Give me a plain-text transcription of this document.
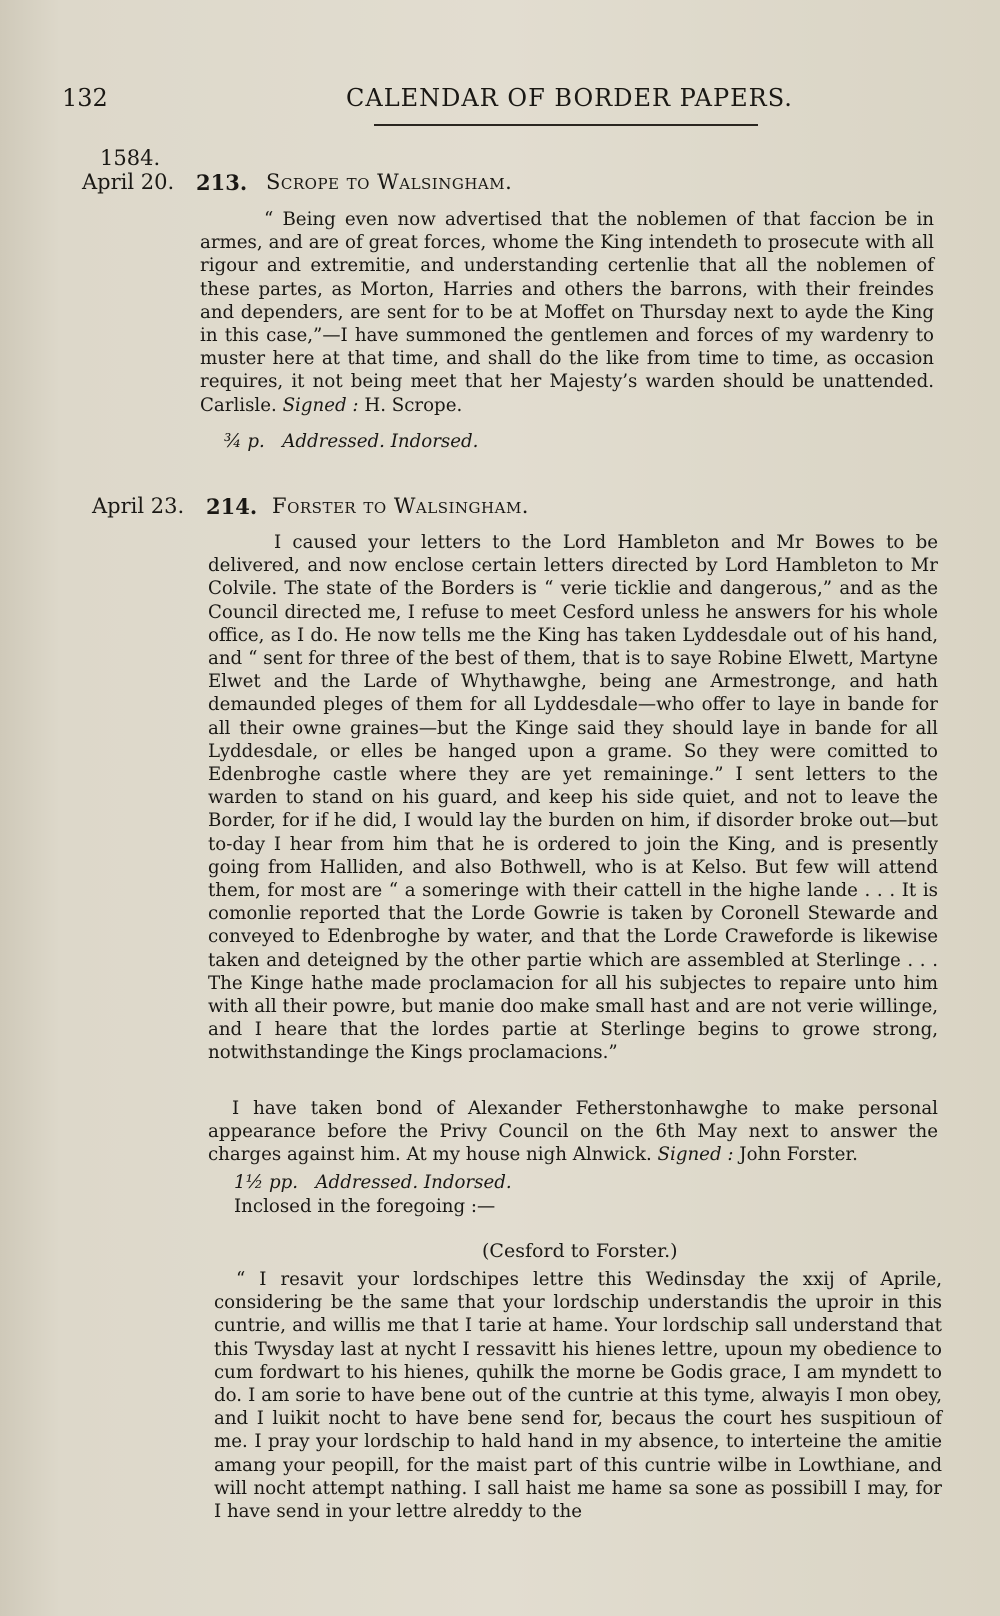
132	CALENDAR OF BORDER PAPERS.
1584.
April 20. 213. Scrope to Walsingham.
“ Being even now advertised that the noblemen of that faccion be in armes, and are of great forces, whome the King intendeth to prosecute with all rigour and extremitie, and understanding certenlie that all the noblemen of these partes, as Morton, Harries and others the barrons, with their freindes and dependers, are sent for to be at Moffet on Thursday next to ayde the King in this case,”—I have summoned the gentlemen and forces of my wardenry to muster here at that time, and shall do the like from time to time, as occasion requires, it not being meet that her Majesty’s warden should be unattended. Carlisle. Signed : H. Scrope.
¾ p. Addressed. Indorsed.
April 23. 214. Forster to Walsingham.
I caused your letters to the Lord Hambleton and Mr Bowes to be delivered, and now enclose certain letters directed by Lord Hambleton to Mr Colvile. The state of the Borders is “ verie ticklie and dangerous,” and as the Council directed me, I refuse to meet Cesford unless he answers for his whole office, as I do. He now tells me the King has taken Lyddesdale out of his hand, and “ sent for three of the best of them, that is to saye Robine Elwett, Martyne Elwet and the Larde of Whythawghe, being ane Armestronge, and hath demaunded pleges of them for all Lyddesdale—who offer to laye in bande for all their owne graines—but the Kinge said they should laye in bande for all Lyddesdale, or elles be hanged upon a grame. So they were comitted to Edenbroghe castle where they are yet remaininge.” I sent letters to the warden to stand on his guard, and keep his side quiet, and not to leave the Border, for if he did, I would lay the burden on him, if disorder broke out—but to-day I hear from him that he is ordered to join the King, and is presently going from Halliden, and also Bothwell, who is at Kelso. But few will attend them, for most are “ a someringe with their cattell in the highe lande . . . It is comonlie reported that the Lorde Gowrie is taken by Coronell Stewarde and conveyed to Edenbroghe by water, and that the Lorde Craweforde is likewise taken and deteigned by the other partie which are assembled at Sterlinge . . . The Kinge hathe made proclamacion for all his subjectes to repaire unto him with all their powre, but manie doo make small hast and are not verie willinge, and I heare that the lordes partie at Sterlinge begins to growe strong, notwithstandinge the Kings proclamacions.”
I have taken bond of Alexander Fetherstonhawghe to make personal appearance before the Privy Council on the 6th May next to answer the charges against him. At my house nigh Alnwick. Signed : John Forster.
1½ pp. Addressed. Indorsed.
Inclosed in the foregoing :—
(Cesford to Forster.)
“ I resavit your lordschipes lettre this Wedinsday the xxij of Aprile, considering be the same that your lordschip understandis the uproir in this cuntrie, and willis me that I tarie at hame. Your lordschip sall understand that this Twysday last at nycht I ressavitt his hienes lettre, upoun my obedience to cum fordwart to his hienes, quhilk the morne be Godis grace, I am myndett to do. I am sorie to have bene out of the cuntrie at this tyme, alwayis I mon obey, and I luikit nocht to have bene send for, becaus the court hes suspitioun of me. I pray your lordschip to hald hand in my absence, to interteine the amitie amang your peopill, for the maist part of this cuntrie wilbe in Lowthiane, and will nocht attempt nathing. I sall haist me hame sa sone as possibill I may, for I have send in your lettre alreddy to the
